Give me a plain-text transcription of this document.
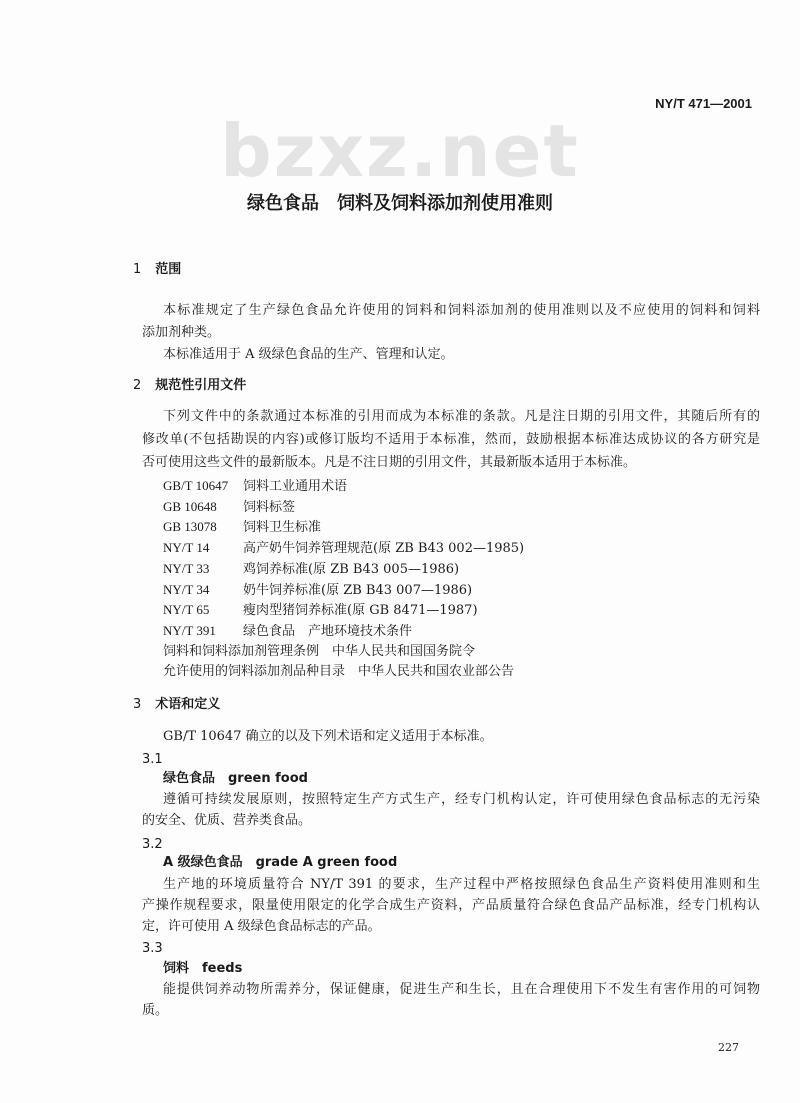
bzxz.net
NY/T 471—2001
绿色食品 饲料及饲料添加剂使用准则
1 范围
本标准规定了生产绿色食品允许使用的饲料和饲料添加剂的使用准则以及不应使用的饲料和饲料
添加剂种类。
本标准适用于 A 级绿色食品的生产、管理和认定。
2 规范性引用文件
下列文件中的条款通过本标准的引用而成为本标准的条款。凡是注日期的引用文件，其随后所有的
修改单(不包括勘误的内容)或修订版均不适用于本标准，然而，鼓励根据本标准达成协议的各方研究是
否可使用这些文件的最新版本。凡是不注日期的引用文件，其最新版本适用于本标准。
GB/T 10647 饲料工业通用术语
GB 10648 饲料标签
GB 13078 饲料卫生标准
NY/T 14	高产奶牛饲养管理规范(原 ZB B43 002—1985)
NY/T 33	鸡饲养标准(原 ZB B43 005—1986)
NY/T 34	奶牛饲养标准(原 ZB B43 007—1986)
NY/T 65	瘦肉型猪饲养标准(原 GB 8471—1987)
NY/T 391 绿色食品　产地环境技术条件
饲料和饲料添加剂管理条例　中华人民共和国国务院令
允许使用的饲料添加剂品种目录　中华人民共和国农业部公告
3 术语和定义
GB/T 10647 确立的以及下列术语和定义适用于本标准。
3.1
绿色食品　green food
遵循可持续发展原则，按照特定生产方式生产，经专门机构认定，许可使用绿色食品标志的无污染
的安全、优质、营养类食品。
3.2
A 级绿色食品　grade A green food
生产地的环境质量符合 NY/T 391 的要求，生产过程中严格按照绿色食品生产资料使用准则和生
产操作规程要求，限量使用限定的化学合成生产资料，产品质量符合绿色食品产品标准，经专门机构认
定，许可使用 A 级绿色食品标志的产品。
3.3
饲料　feeds
能提供饲养动物所需养分，保证健康，促进生产和生长，且在合理使用下不发生有害作用的可饲物
质。
227
